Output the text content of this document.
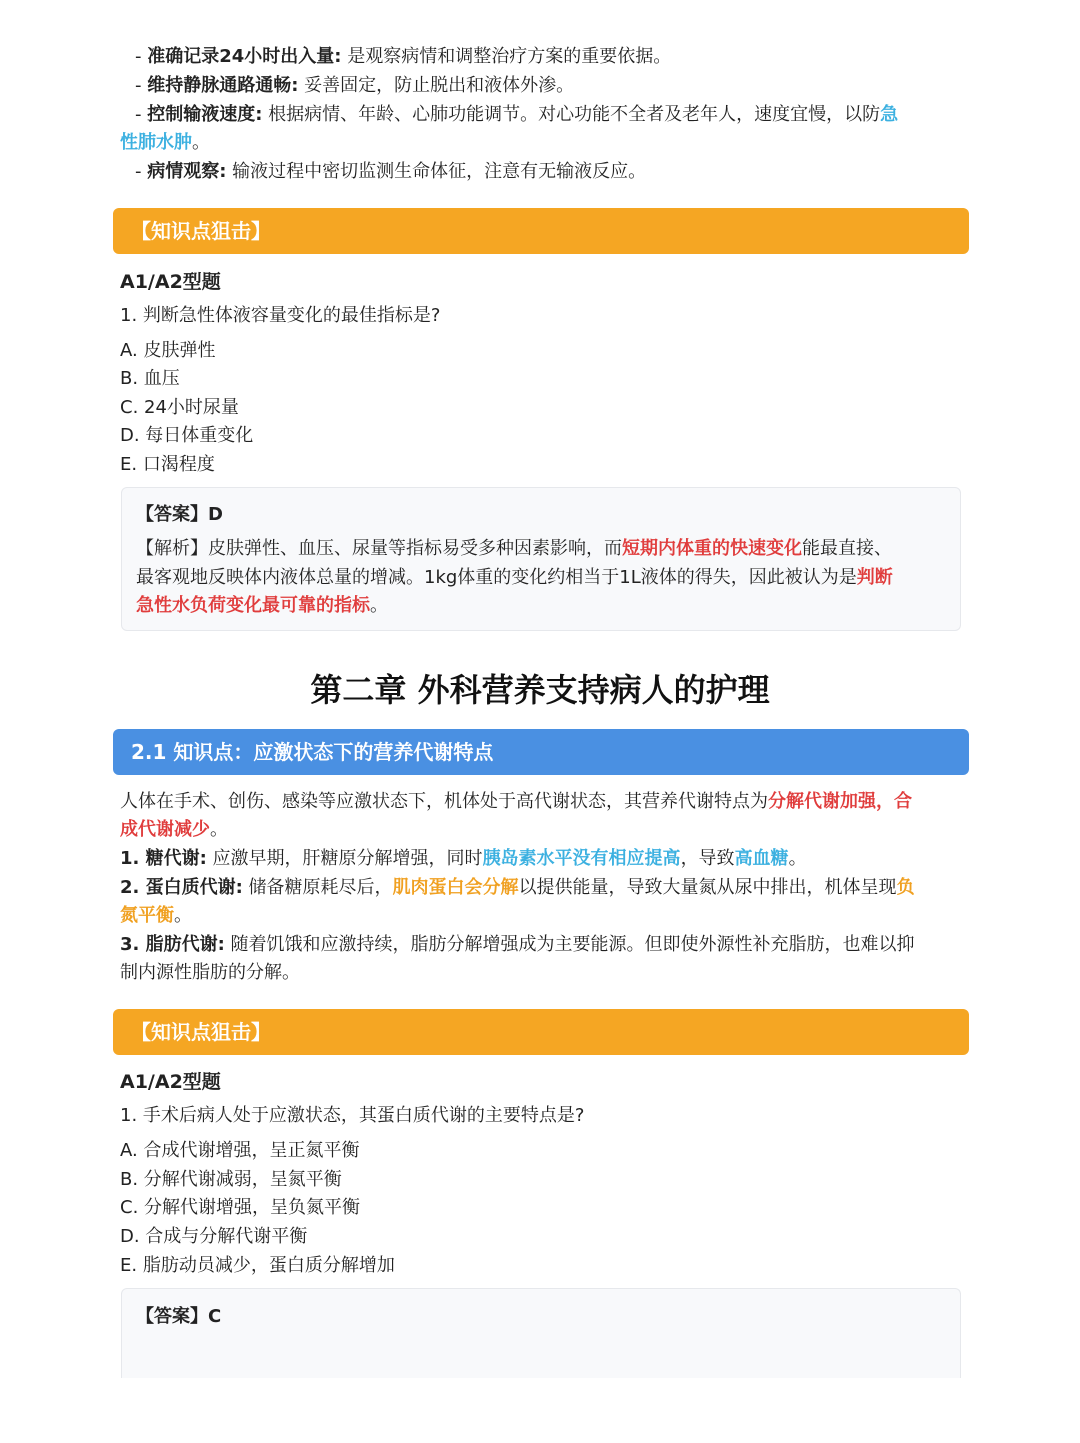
- 准确记录24小时出入量: 是观察病情和调整治疗方案的重要依据。
- 维持静脉通路通畅: 妥善固定，防止脱出和液体外渗。
- 控制输液速度: 根据病情、年龄、心肺功能调节。对心功能不全者及老年人，速度宜慢，以防急
性肺水肿。
- 病情观察: 输液过程中密切监测生命体征，注意有无输液反应。
【知识点狙击】
A1/A2型题
1. 判断急性体液容量变化的最佳指标是?
A. 皮肤弹性
B. 血压
C. 24小时尿量
D. 每日体重变化
E. 口渴程度
【答案】D
【解析】皮肤弹性、血压、尿量等指标易受多种因素影响，而短期内体重的快速变化能最直接、
最客观地反映体内液体总量的增减。1kg体重的变化约相当于1L液体的得失，因此被认为是判断
急性水负荷变化最可靠的指标。
第二章 外科营养支持病人的护理
2.1 知识点：应激状态下的营养代谢特点
人体在手术、创伤、感染等应激状态下，机体处于高代谢状态，其营养代谢特点为分解代谢加强，合
成代谢减少。
1. 糖代谢: 应激早期，肝糖原分解增强，同时胰岛素水平没有相应提高，导致高血糖。
2. 蛋白质代谢: 储备糖原耗尽后，肌肉蛋白会分解以提供能量，导致大量氮从尿中排出，机体呈现负
氮平衡。
3. 脂肪代谢: 随着饥饿和应激持续，脂肪分解增强成为主要能源。但即使外源性补充脂肪，也难以抑
制内源性脂肪的分解。
【知识点狙击】
A1/A2型题
1. 手术后病人处于应激状态，其蛋白质代谢的主要特点是?
A. 合成代谢增强，呈正氮平衡
B. 分解代谢减弱，呈氮平衡
C. 分解代谢增强，呈负氮平衡
D. 合成与分解代谢平衡
E. 脂肪动员减少，蛋白质分解增加
【答案】C
